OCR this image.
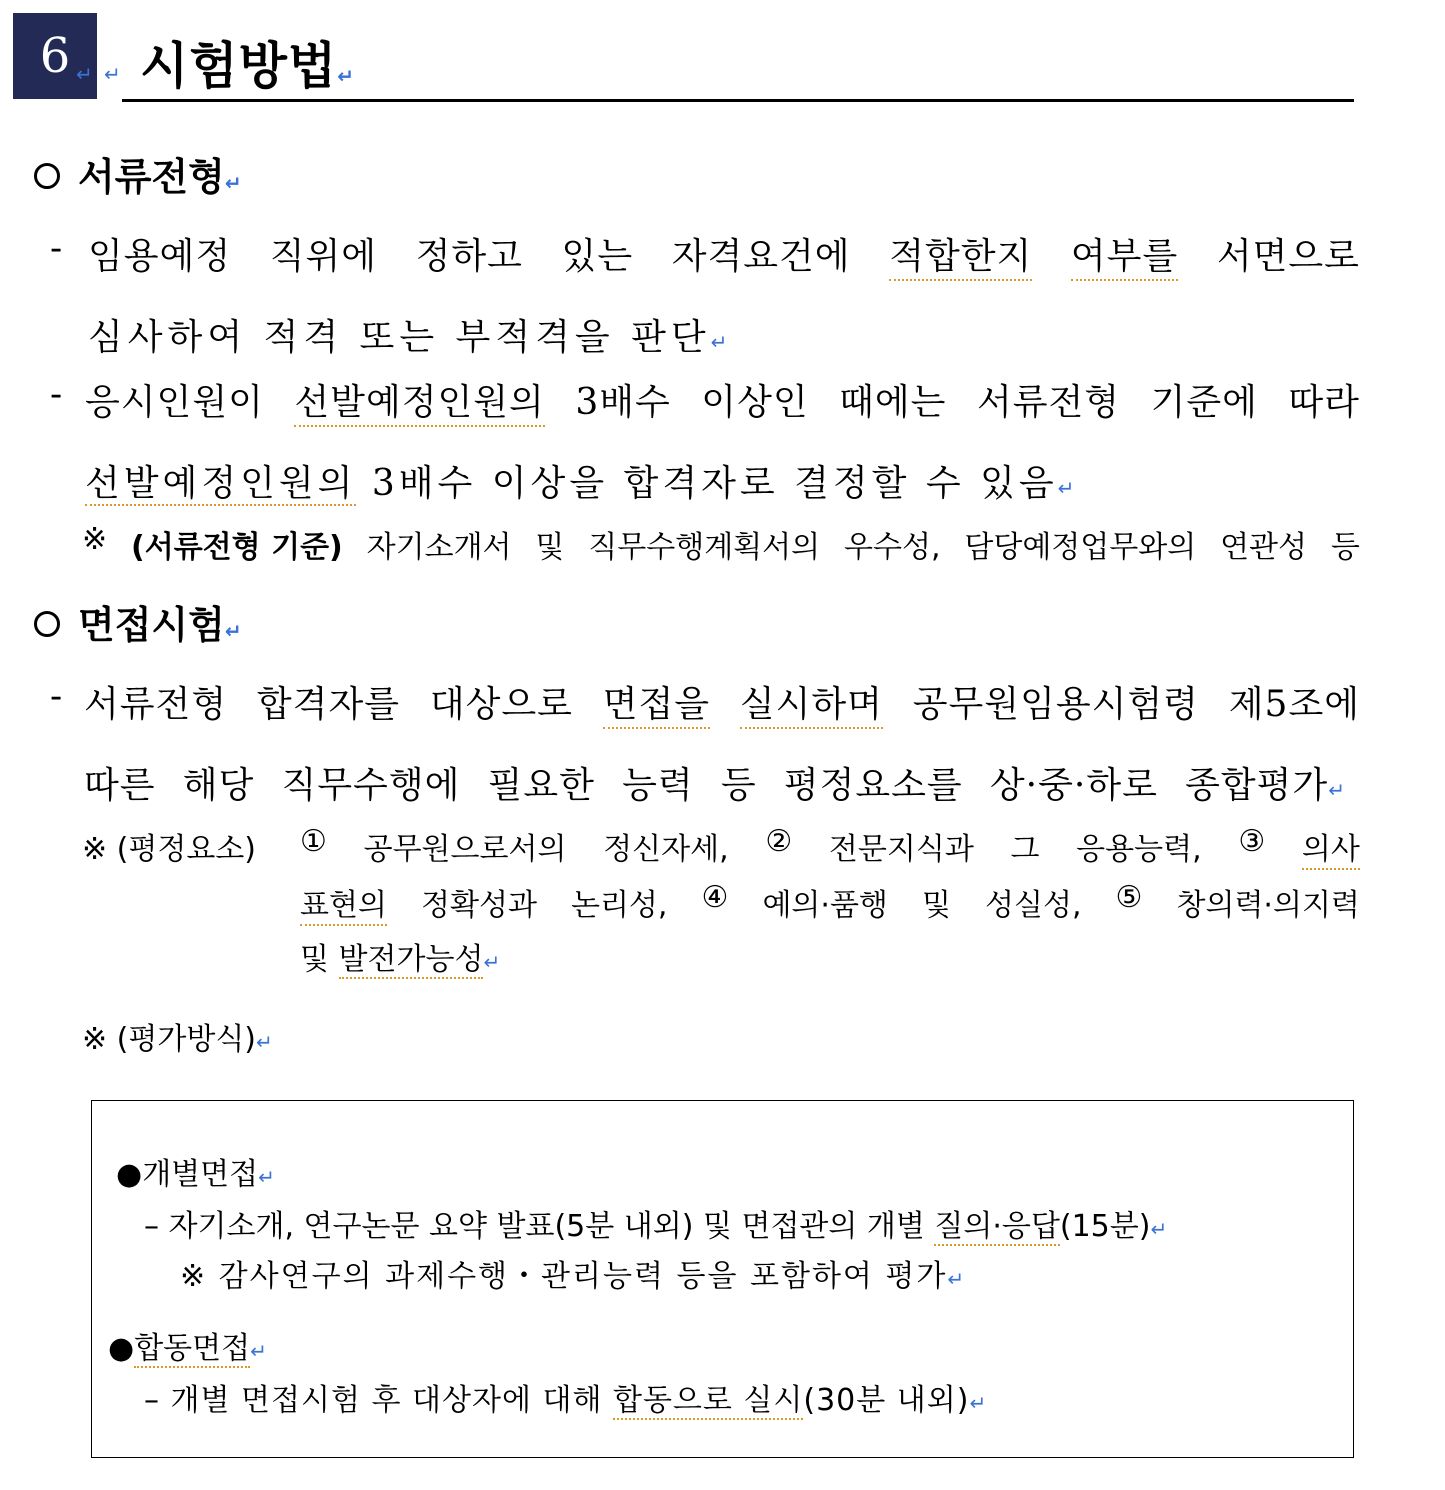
6 ↵ ↵ 시험방법↵
서류전형↵
- 임용예정 직위에 정하고 있는 자격요건에 적합한지 여부를 서면으로
심사하여 적격 또는 부적격을 판단↵
- 응시인원이 선발예정인원의 3배수 이상인 때에는 서류전형 기준에 따라
선발예정인원의 3배수 이상을 합격자로 결정할 수 있음↵
※ (서류전형 기준) 자기소개서 및 직무수행계획서의 우수성, 담당예정업무와의 연관성 등
면접시험↵
- 서류전형 합격자를 대상으로 면접을 실시하며 공무원임용시험령 제5조에
따른 해당 직무수행에 필요한 능력 등 평정요소를 상·중·하로 종합평가↵
※ (평정요소) ① 공무원으로서의 정신자세, ② 전문지식과 그 응용능력, ③ 의사
표현의 정확성과 논리성, ④ 예의·품행 및 성실성, ⑤ 창의력·의지력
및 발전가능성↵
※ (평가방식)↵
●개별면접↵
– 자기소개, 연구논문 요약 발표(5분 내외) 및 면접관의 개별 질의·응답(15분)↵
※ 감사연구의 과제수행・관리능력 등을 포함하여 평가↵
●합동면접↵
– 개별 면접시험 후 대상자에 대해 합동으로 실시(30분 내외)↵
